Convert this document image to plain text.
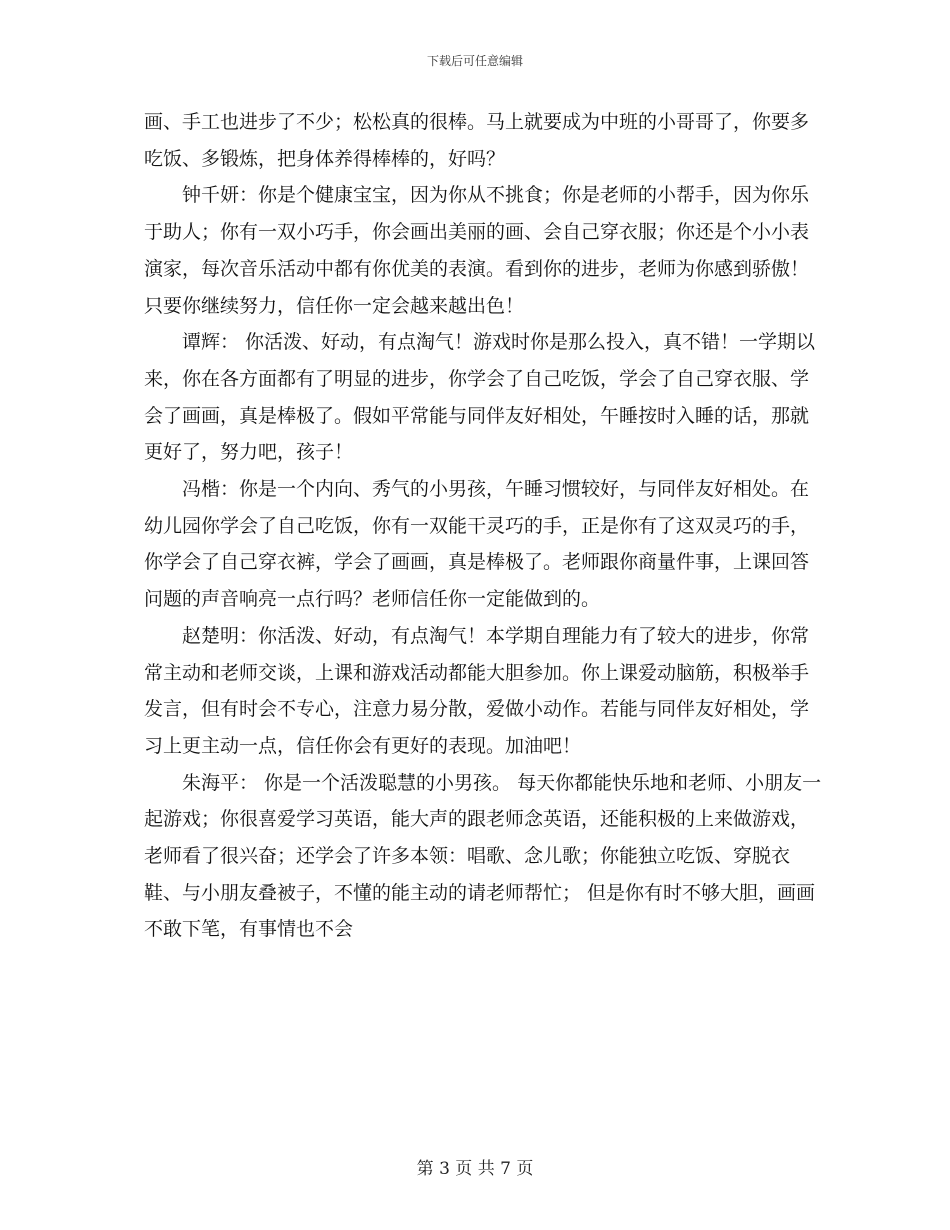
下载后可任意编辑

画、手工也进步了不少；松松真的很棒。马上就要成为中班的小哥哥了，你要多吃饭、多锻炼，把身体养得棒棒的，好吗？

钟千妍：你是个健康宝宝，因为你从不挑食；你是老师的小帮手，因为你乐于助人；你有一双小巧手，你会画出美丽的画、会自己穿衣服；你还是个小小表演家，每次音乐活动中都有你优美的表演。看到你的进步，老师为你感到骄傲！只要你继续努力，信任你一定会越来越出色！

谭辉： 你活泼、好动，有点淘气！游戏时你是那么投入，真不错！一学期以来，你在各方面都有了明显的进步，你学会了自己吃饭，学会了自己穿衣服、学会了画画，真是棒极了。假如平常能与同伴友好相处，午睡按时入睡的话，那就更好了，努力吧，孩子！

冯楷：你是一个内向、秀气的小男孩，午睡习惯较好，与同伴友好相处。在幼儿园你学会了自己吃饭，你有一双能干灵巧的手，正是你有了这双灵巧的手，你学会了自己穿衣裤，学会了画画，真是棒极了。老师跟你商量件事，上课回答问题的声音响亮一点行吗？老师信任你一定能做到的。

赵楚明：你活泼、好动，有点淘气！本学期自理能力有了较大的进步，你常常主动和老师交谈，上课和游戏活动都能大胆参加。你上课爱动脑筋，积极举手发言，但有时会不专心，注意力易分散，爱做小动作。若能与同伴友好相处，学习上更主动一点，信任你会有更好的表现。加油吧！

朱海平： 你是一个活泼聪慧的小男孩。 每天你都能快乐地和老师、小朋友一起游戏；你很喜爱学习英语，能大声的跟老师念英语，还能积极的上来做游戏，老师看了很兴奋；还学会了许多本领：唱歌、念儿歌；你能独立吃饭、穿脱衣鞋、与小朋友叠被子，不懂的能主动的请老师帮忙； 但是你有时不够大胆，画画不敢下笔，有事情也不会

第 3 页 共 7 页
